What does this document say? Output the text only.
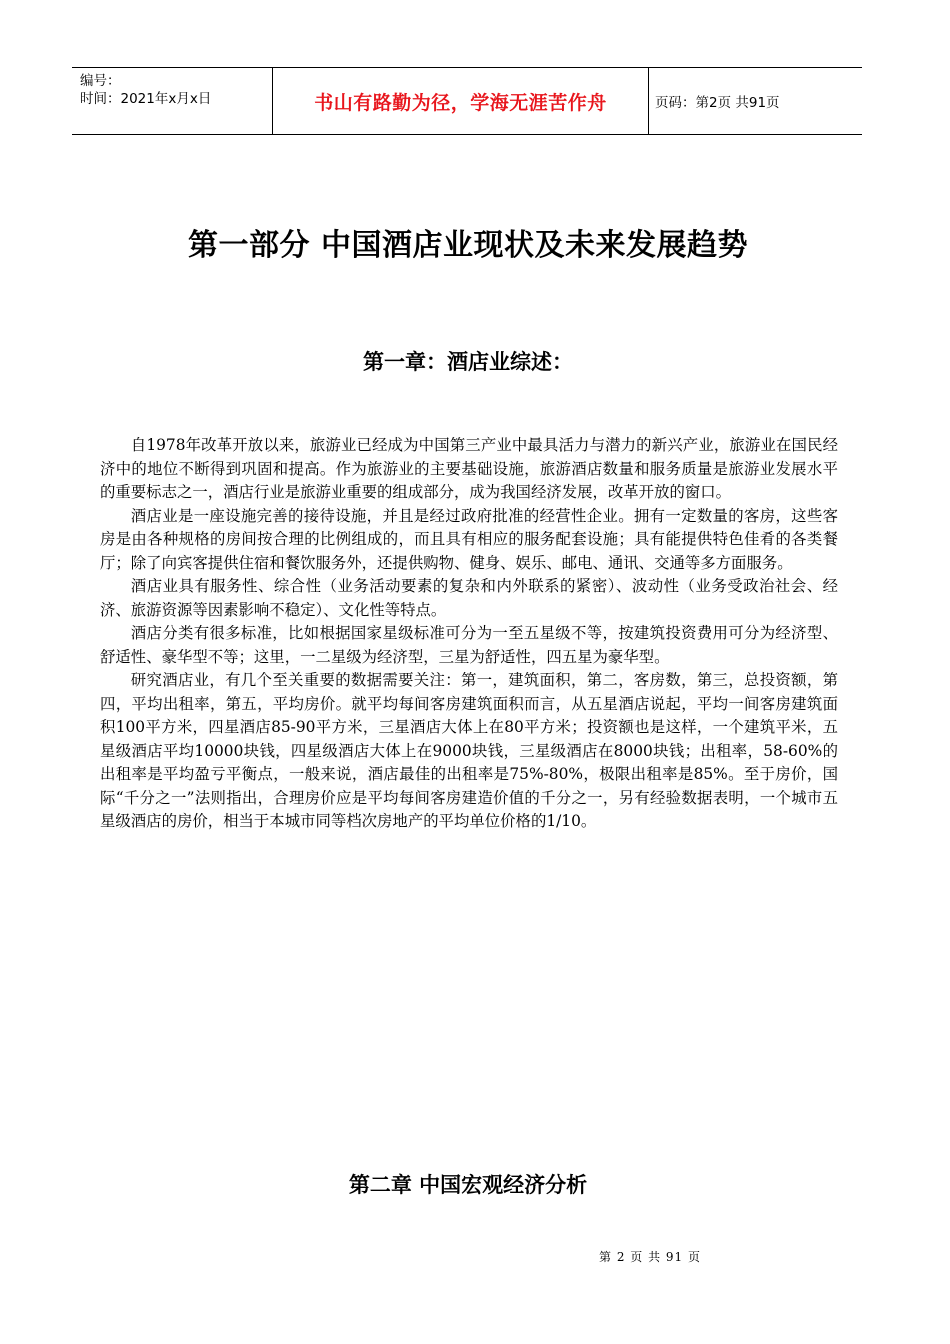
编号：
时间：2021年x月x日	书山有路勤为径，学海无涯苦作舟	页码：第2页 共91页
第一部分 中国酒店业现状及未来发展趋势
第一章：酒店业综述：

自1978年改革开放以来，旅游业已经成为中国第三产业中最具活力与潜力的新兴产业，旅游业在国民经济中的地位不断得到巩固和提高。作为旅游业的主要基础设施，旅游酒店数量和服务质量是旅游业发展水平的重要标志之一，酒店行业是旅游业重要的组成部分，成为我国经济发展，改革开放的窗口。

酒店业是一座设施完善的接待设施，并且是经过政府批准的经营性企业。拥有一定数量的客房，这些客房是由各种规格的房间按合理的比例组成的，而且具有相应的服务配套设施；具有能提供特色佳肴的各类餐厅；除了向宾客提供住宿和餐饮服务外，还提供购物、健身、娱乐、邮电、通讯、交通等多方面服务。

酒店业具有服务性、综合性（业务活动要素的复杂和内外联系的紧密）、波动性（业务受政治社会、经济、旅游资源等因素影响不稳定）、文化性等特点。

酒店分类有很多标准，比如根据国家星级标准可分为一至五星级不等，按建筑投资费用可分为经济型、舒适性、豪华型不等；这里，一二星级为经济型，三星为舒适性，四五星为豪华型。

研究酒店业，有几个至关重要的数据需要关注：第一，建筑面积，第二，客房数，第三，总投资额，第四，平均出租率，第五，平均房价。就平均每间客房建筑面积而言，从五星酒店说起，平均一间客房建筑面积100平方米，四星酒店85-90平方米，三星酒店大体上在80平方米；投资额也是这样，一个建筑平米，五星级酒店平均10000块钱，四星级酒店大体上在9000块钱，三星级酒店在8000块钱；出租率，58-60%的出租率是平均盈亏平衡点，一般来说，酒店最佳的出租率是75%-80%，极限出租率是85%。至于房价，国际“千分之一”法则指出，合理房价应是平均每间客房建造价值的千分之一，另有经验数据表明，一个城市五星级酒店的房价，相当于本城市同等档次房地产的平均单位价格的1/10。

第二章 中国宏观经济分析
第 2 页 共 91 页
